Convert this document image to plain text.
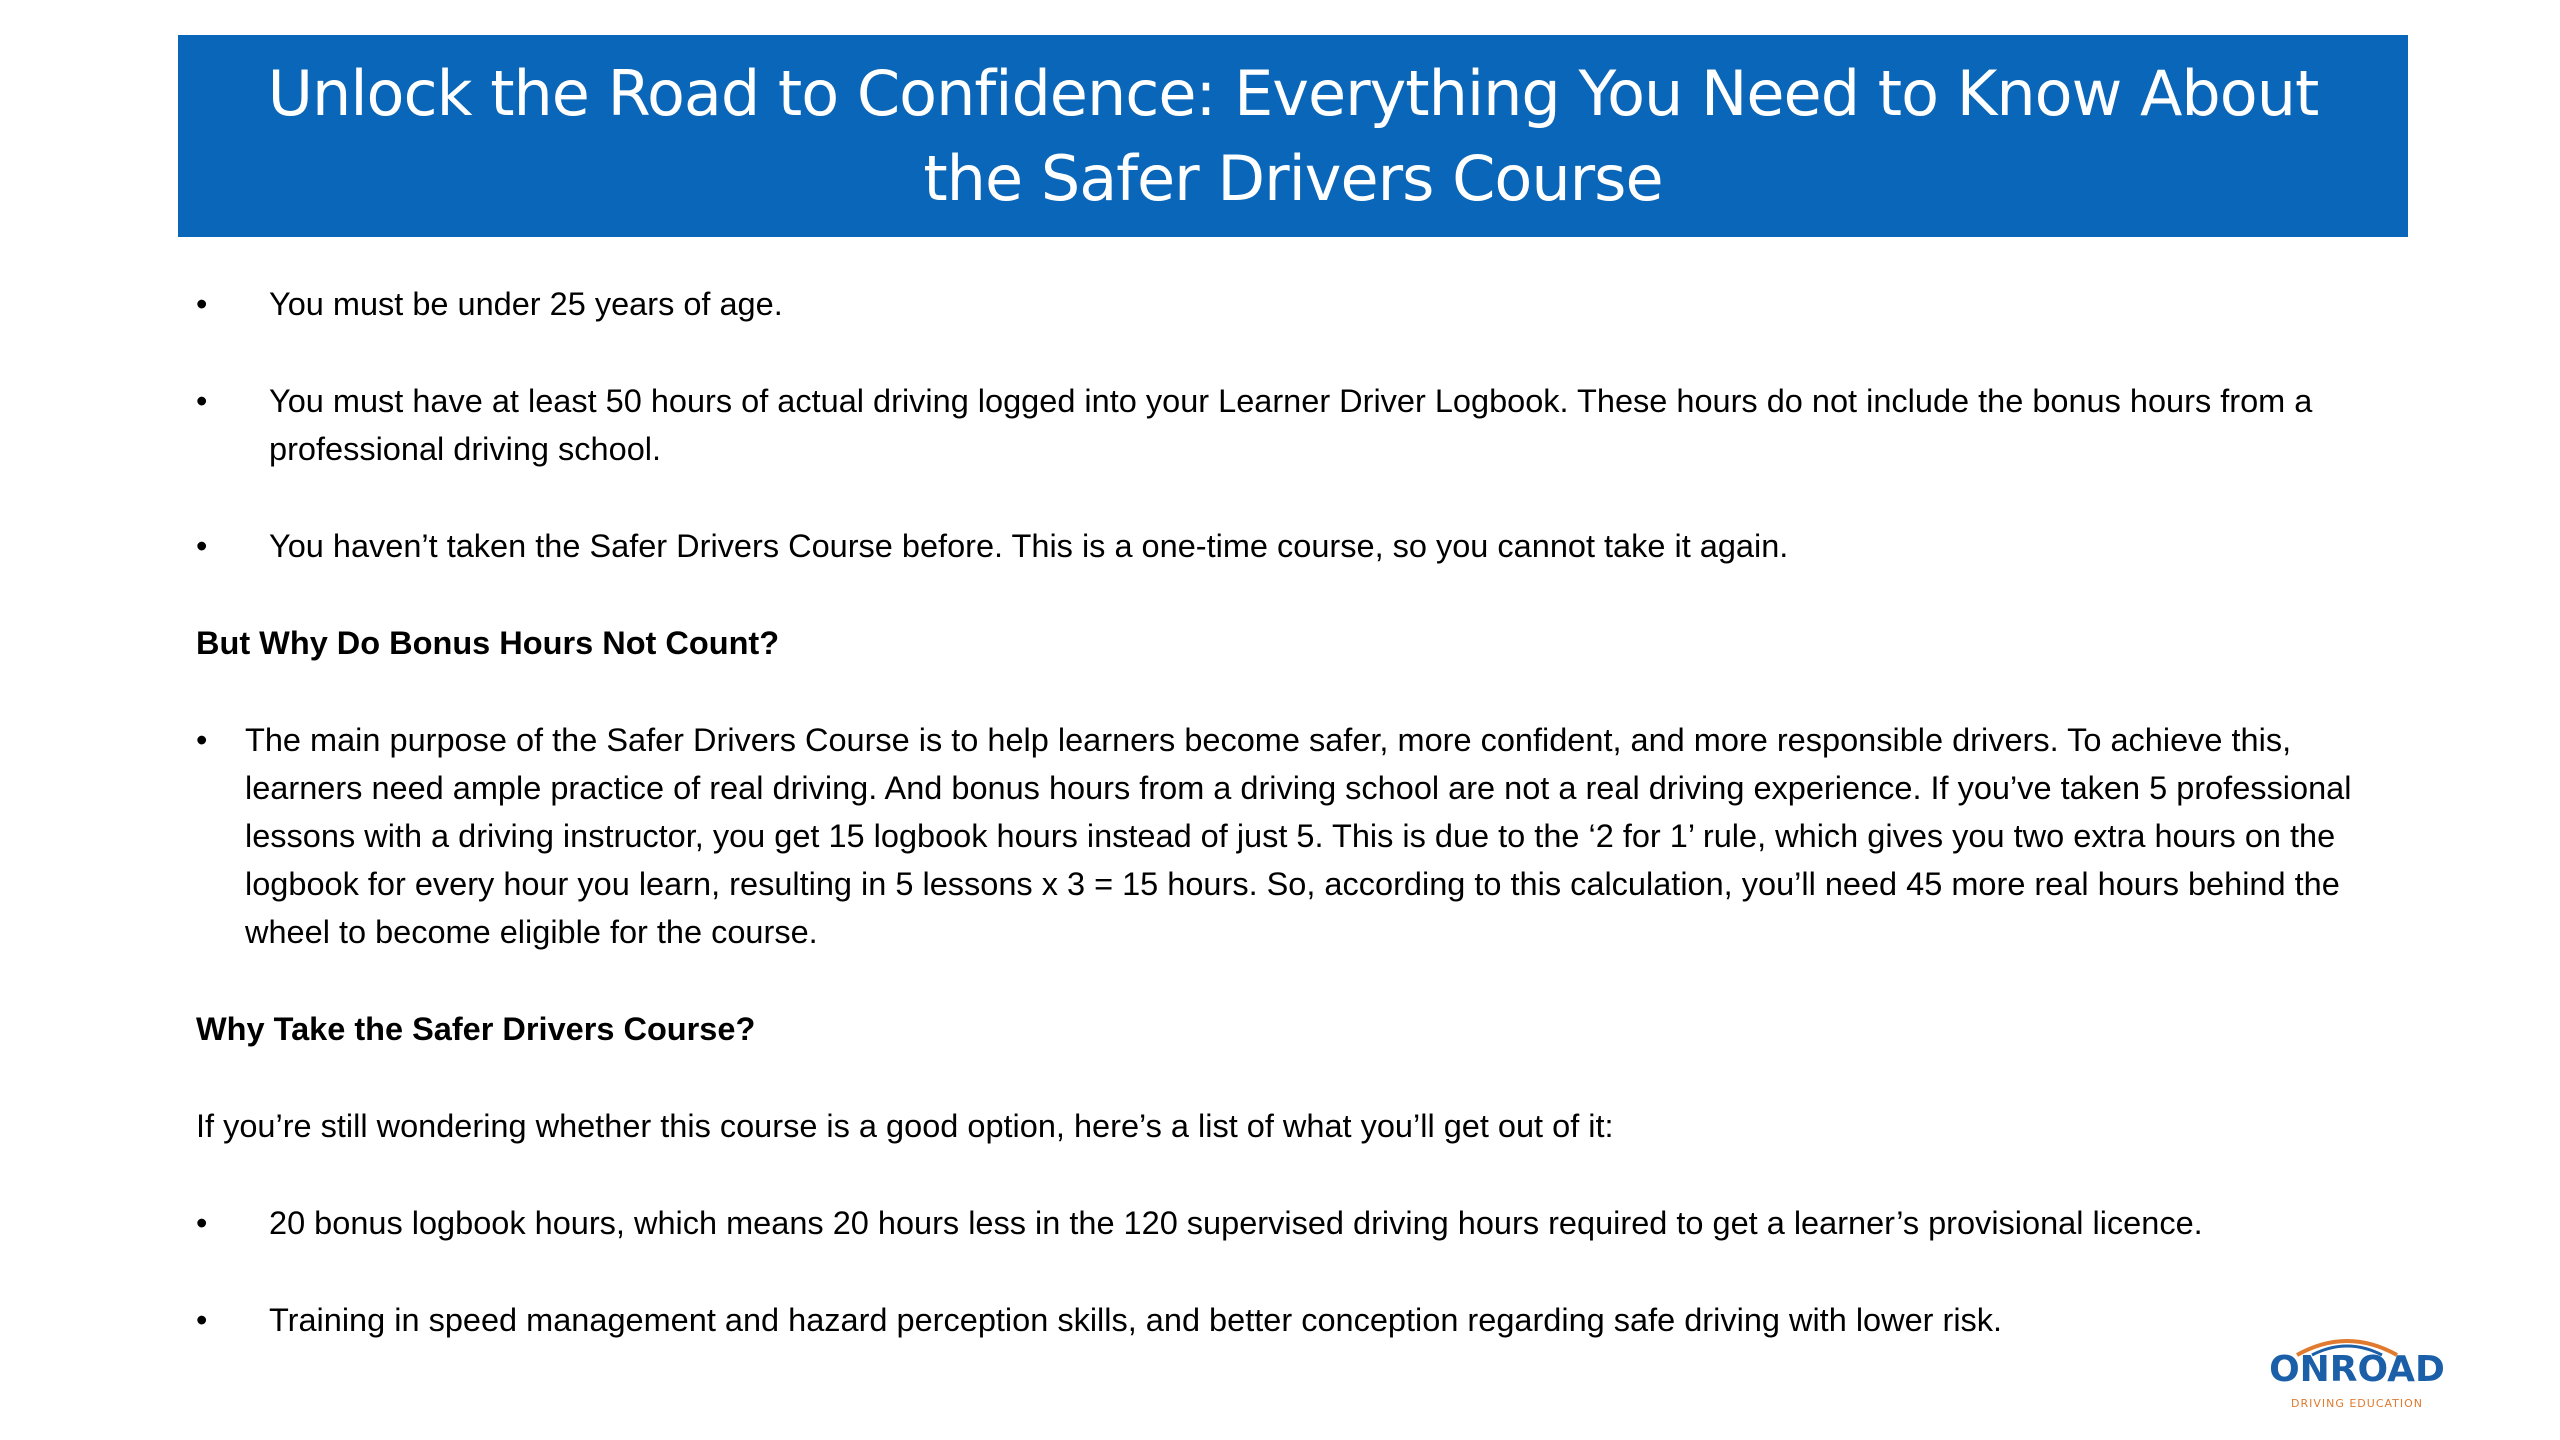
Unlock the Road to Confidence: Everything You Need to Know About the Safer Drivers Course
• You must be under 25 years of age.
• You must have at least 50 hours of actual driving logged into your Learner Driver Logbook. These hours do not include the bonus hours from a professional driving school.
• You haven’t taken the Safer Drivers Course before. This is a one-time course, so you cannot take it again.
But Why Do Bonus Hours Not Count?
• The main purpose of the Safer Drivers Course is to help learners become safer, more confident, and more responsible drivers. To achieve this, learners need ample practice of real driving. And bonus hours from a driving school are not a real driving experience. If you’ve taken 5 professional lessons with a driving instructor, you get 15 logbook hours instead of just 5. This is due to the ‘2 for 1’ rule, which gives you two extra hours on the logbook for every hour you learn, resulting in 5 lessons x 3 = 15 hours. So, according to this calculation, you’ll need 45 more real hours behind the wheel to become eligible for the course.
Why Take the Safer Drivers Course?
If you’re still wondering whether this course is a good option, here’s a list of what you’ll get out of it:
• 20 bonus logbook hours, which means 20 hours less in the 120 supervised driving hours required to get a learner’s provisional licence.
• Training in speed management and hazard perception skills, and better conception regarding safe driving with lower risk.
ONROAD
DRIVING EDUCATION
